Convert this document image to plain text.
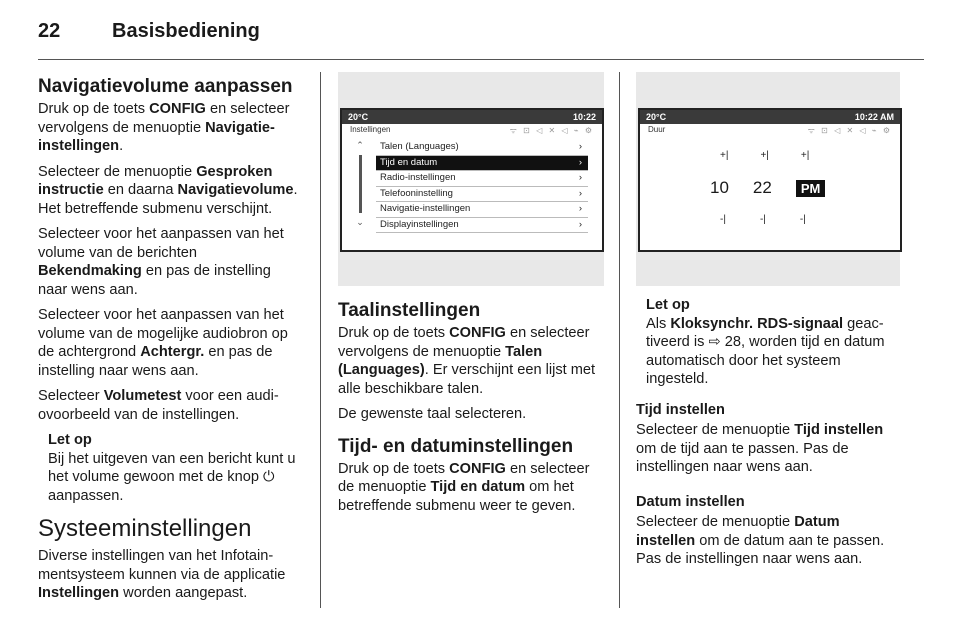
22	Basisbediening
Navigatievolume aanpassen

Druk op de toets CONFIG en selecteer vervolgens de menuoptie Navigatie-instellingen.

Selecteer de menuoptie Gesproken instructie en daarna Navigatievolume. Het betreffende submenu verschijnt.

Selecteer voor het aanpassen van het volume van de berichten Bekendmaking en pas de instelling naar wens aan.

Selecteer voor het aanpassen van het volume van de mogelijke audiobron op de achtergrond Achtergr. en pas de instelling naar wens aan.

Selecteer Volumetest voor een audiovoorbeeld van de instellingen.

Let op

Bij het uitgeven van een bericht kunt u het volume gewoon met de knop ⏻ aanpassen.

Systeeminstellingen

Diverse instellingen van het Infotainmentsysteem kunnen via de applicatie Instellingen worden aangepast.

20°C	10:22
Instellingen	ᯤ ⊡ ◁ ✕ ◁ ⌁ ⚙
⌃
⌄
Talen (Languages)	›
Tijd en datum	›
Radio-instellingen	›
Telefooninstelling	›
Navigatie-instellingen	›
Displayinstellingen	›
Taalinstellingen

Druk op de toets CONFIG en selecteer vervolgens de menuoptie Talen (Languages). Er verschijnt een lijst met alle beschikbare talen.

De gewenste taal selecteren.

Tijd- en datuminstellingen

Druk op de toets CONFIG en selecteer de menuoptie Tijd en datum om het betreffende submenu weer te geven.

20°C	10:22 AM
Duur	ᯤ ⊡ ◁ ✕ ◁ ⌁ ⚙
+|	+|	+|
10 22	PM
-|	-|	-|
Let op

Als Kloksynchr. RDS-signaal geactiveerd is ⇨ 28, worden tijd en datum automatisch door het systeem ingesteld.

Tijd instellen

Selecteer de menuoptie Tijd instellen om de tijd aan te passen. Pas de instellingen naar wens aan.

Datum instellen

Selecteer de menuoptie Datum instellen om de datum aan te passen. Pas de instellingen naar wens aan.
